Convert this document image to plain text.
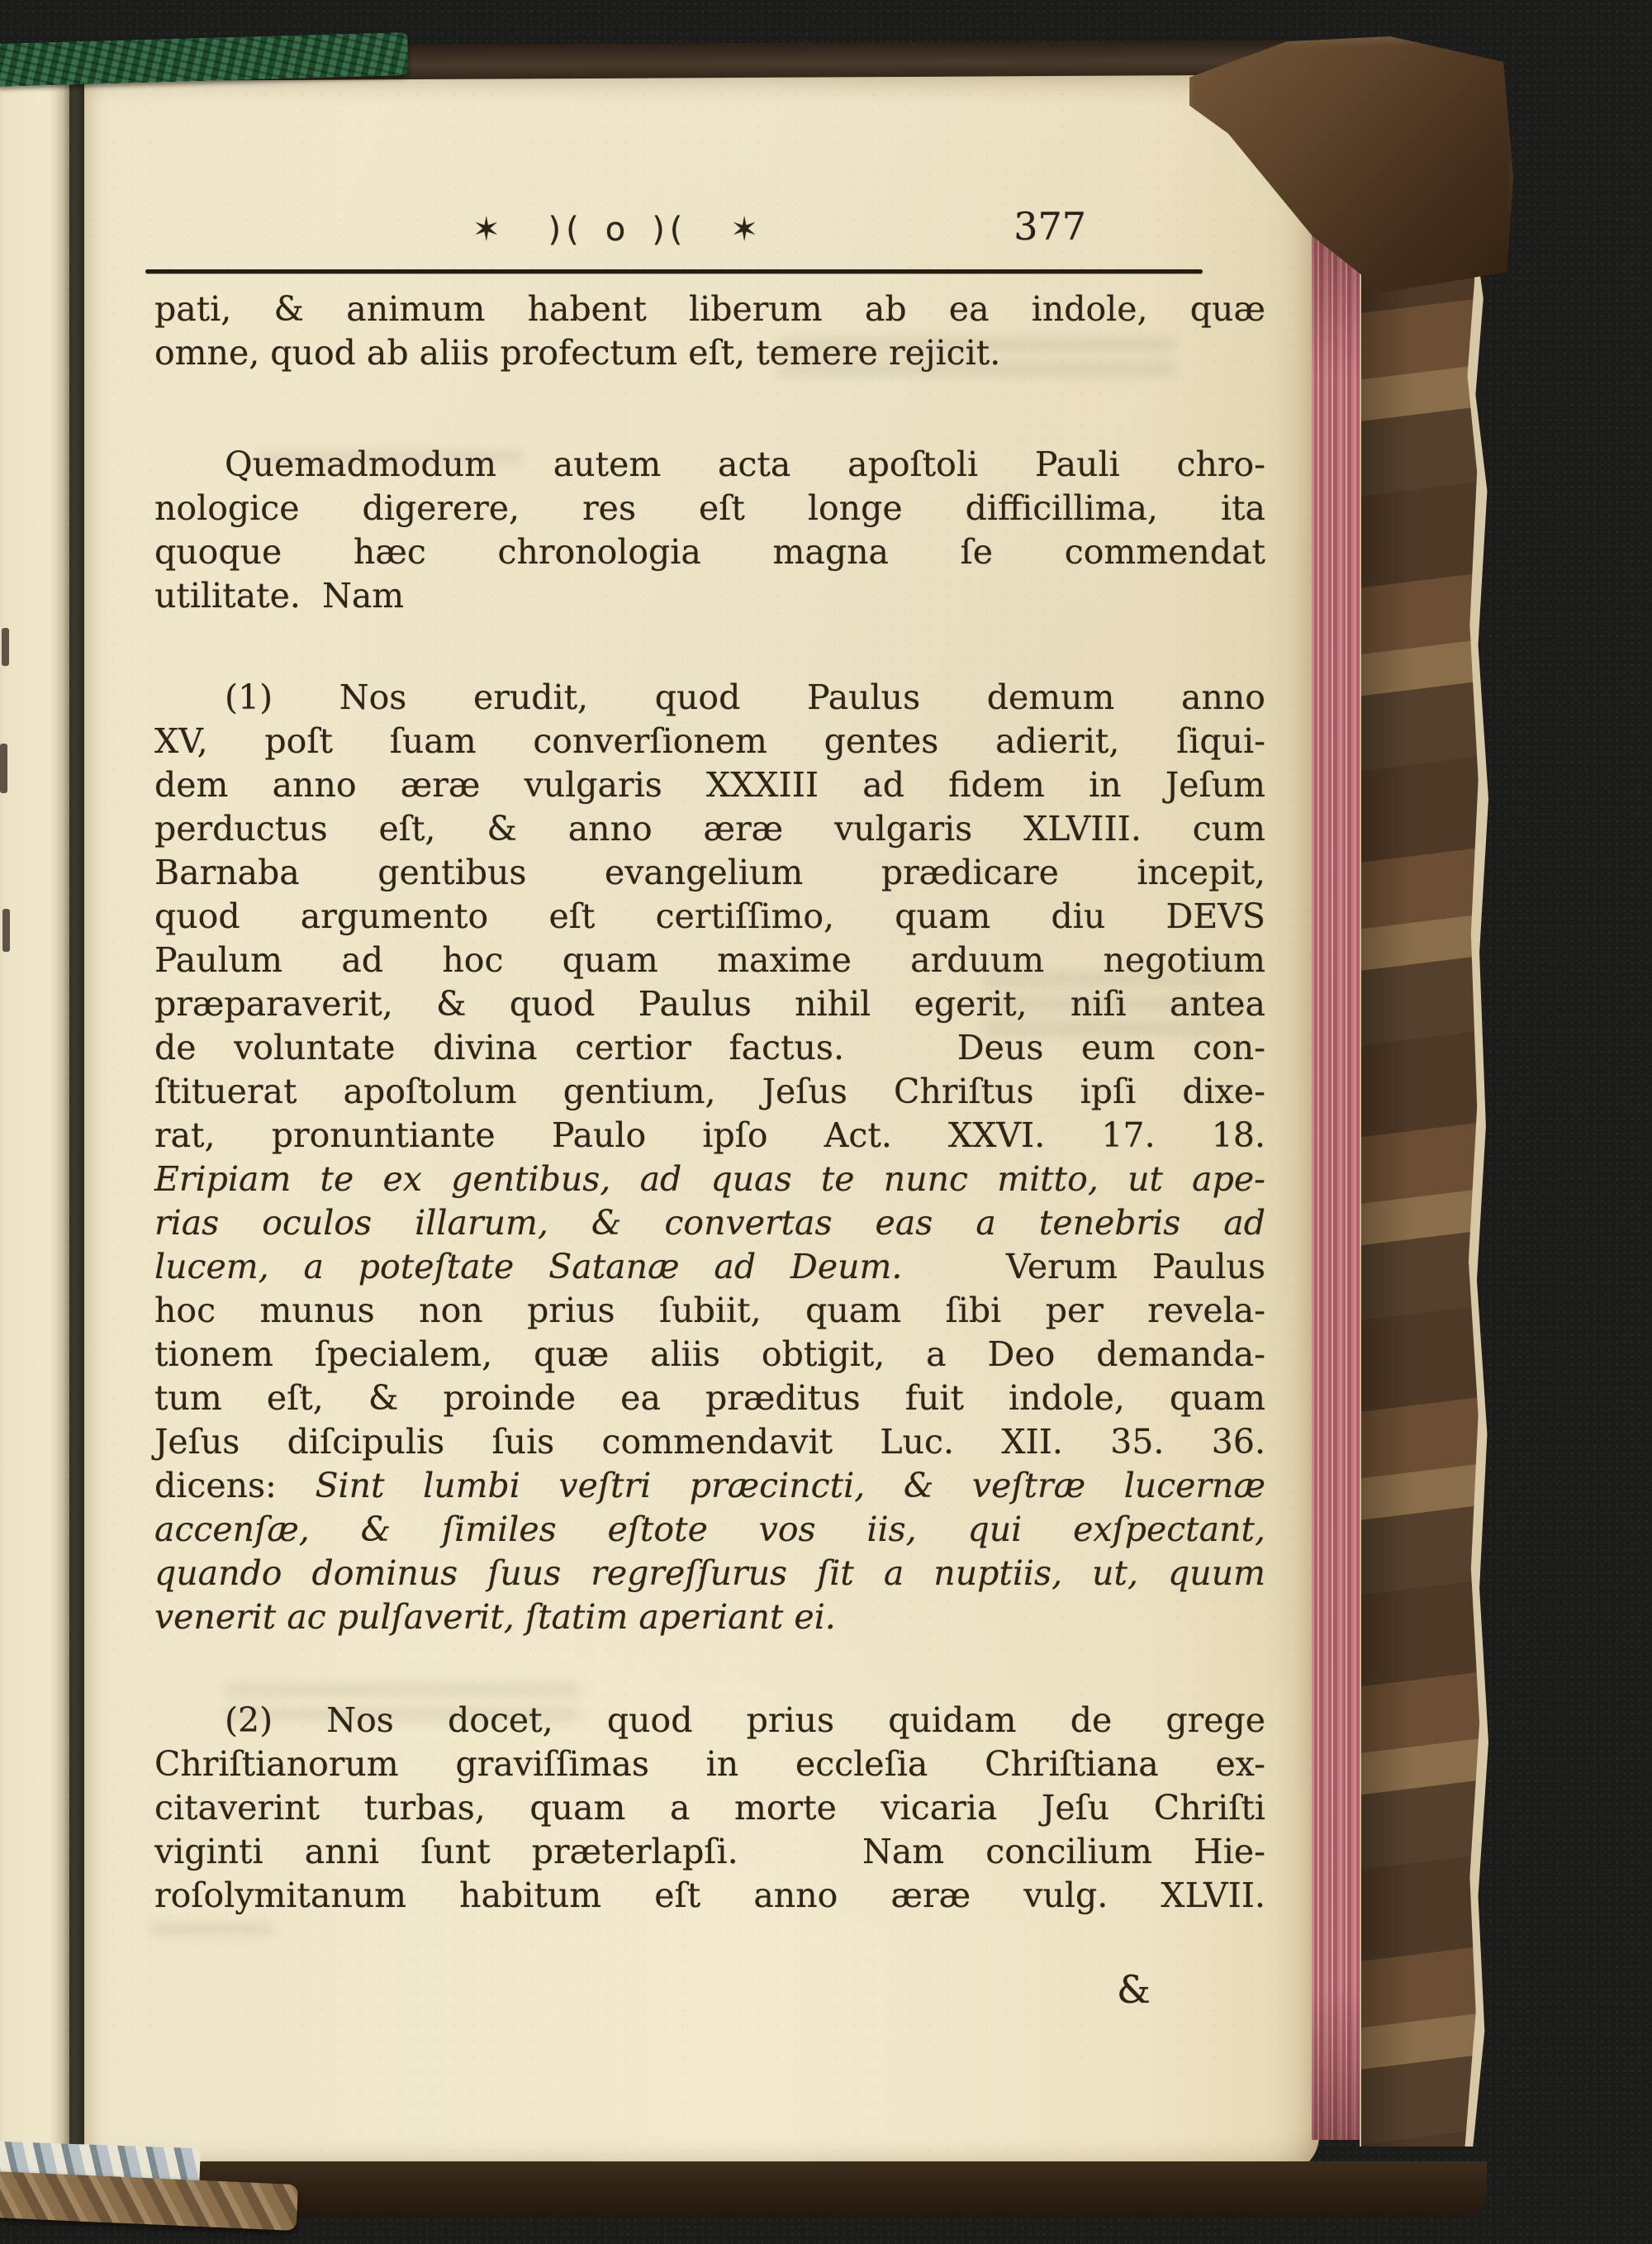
✶  )( o )(  ✶	377
pati, & animum habent liberum ab ea indole, quæ
omne, quod ab aliis profectum eſt, temere rejicit.
Quemadmodum autem acta apoſtoli Pauli chro-
nologice digerere, res eſt longe difficillima, ita
quoque hæc chronologia magna ſe commendat
utilitate.  Nam
(1) Nos erudit, quod Paulus demum anno
XV, poſt ſuam converſionem gentes adierit, ſiqui-
dem anno æræ vulgaris XXXIII ad fidem in Jeſum
perductus eſt, & anno æræ vulgaris XLVIII. cum
Barnaba gentibus evangelium prædicare incepit,
quod argumento eſt certiſſimo, quam diu DEVS
Paulum ad hoc quam maxime arduum negotium
præparaverit, & quod Paulus nihil egerit, niſi antea
de voluntate divina certior factus.   Deus eum con-
ſtituerat apoſtolum gentium, Jeſus Chriſtus ipſi dixe-
rat, pronuntiante Paulo ipſo Act. XXVI. 17. 18.
Eripiam te ex gentibus, ad quas te nunc mitto, ut ape-
rias oculos illarum, & convertas eas a tenebris ad
lucem, a poteſtate Satanæ ad Deum.   Verum Paulus
hoc munus non prius ſubiit, quam ſibi per revela-
tionem ſpecialem, quæ aliis obtigit, a Deo demanda-
tum eſt, & proinde ea præditus fuit indole, quam
Jeſus diſcipulis ſuis commendavit Luc. XII. 35. 36.
dicens: Sint lumbi veſtri præcincti, & veſtræ lucernæ
accenſæ, & ſimiles eſtote vos iis, qui exſpectant,
quando dominus ſuus regreſſurus ſit a nuptiis, ut, quum
venerit ac pulſaverit, ſtatim aperiant ei.
(2) Nos docet, quod prius quidam de grege
Chriſtianorum graviſſimas in eccleſia Chriſtiana ex-
citaverint turbas, quam a morte vicaria Jeſu Chriſti
viginti anni ſunt præterlapſi.   Nam concilium Hie-
roſolymitanum habitum eſt anno æræ vulg. XLVII.
&
